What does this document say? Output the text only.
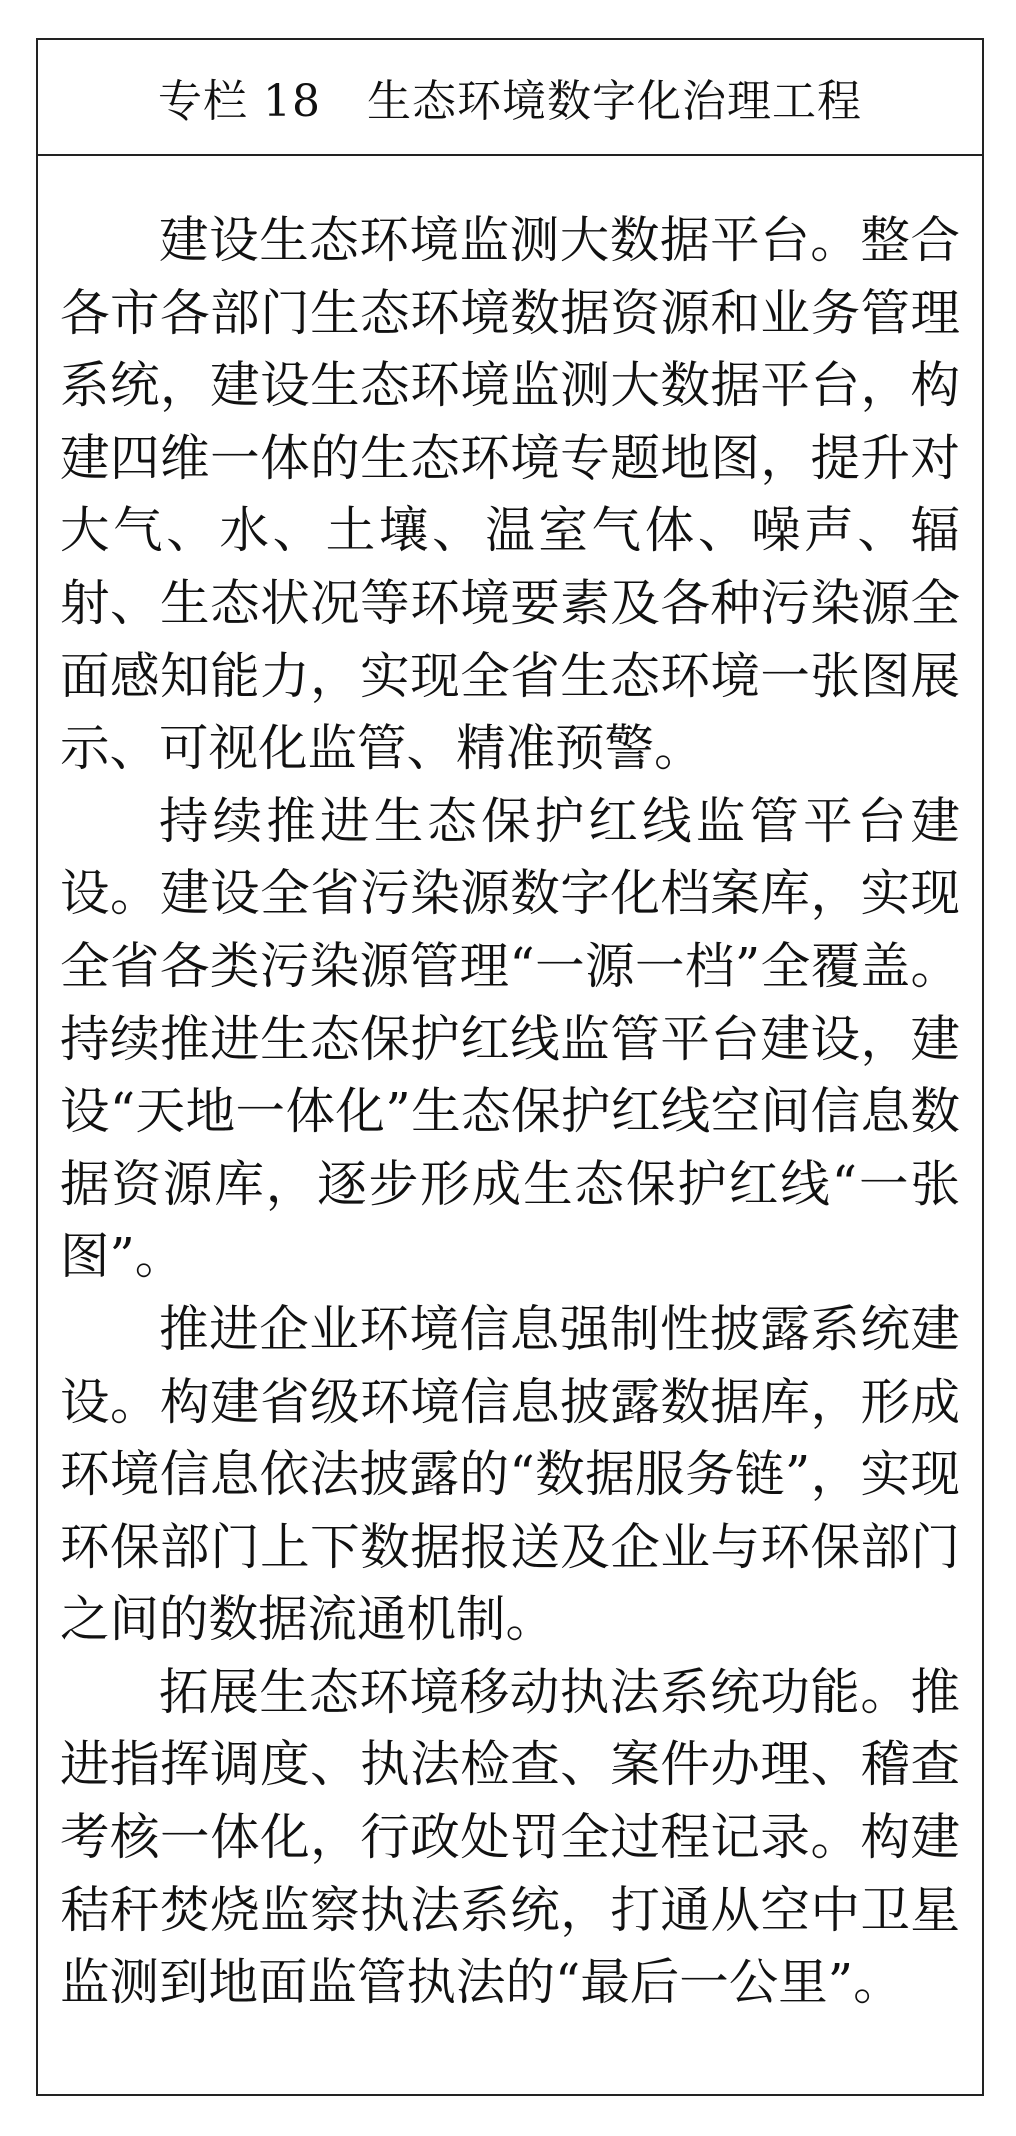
专栏 18 生态环境数字化治理工程

建设生态环境监测大数据平台。整合各市各部门生态环境数据资源和业务管理系统，建设生态环境监测大数据平台，构建四维一体的生态环境专题地图，提升对大气、水、土壤、温室气体、噪声、辐射、生态状况等环境要素及各种污染源全面感知能力，实现全省生态环境一张图展示、可视化监管、精准预警。

持续推进生态保护红线监管平台建设。建设全省污染源数字化档案库，实现全省各类污染源管理“一源一档”全覆盖。持续推进生态保护红线监管平台建设，建设“天地一体化”生态保护红线空间信息数据资源库，逐步形成生态保护红线“一张图”。

推进企业环境信息强制性披露系统建设。构建省级环境信息披露数据库，形成环境信息依法披露的“数据服务链”，实现环保部门上下数据报送及企业与环保部门之间的数据流通机制。

拓展生态环境移动执法系统功能。推进指挥调度、执法检查、案件办理、稽查考核一体化，行政处罚全过程记录。构建秸秆焚烧监察执法系统，打通从空中卫星监测到地面监管执法的“最后一公里”。
